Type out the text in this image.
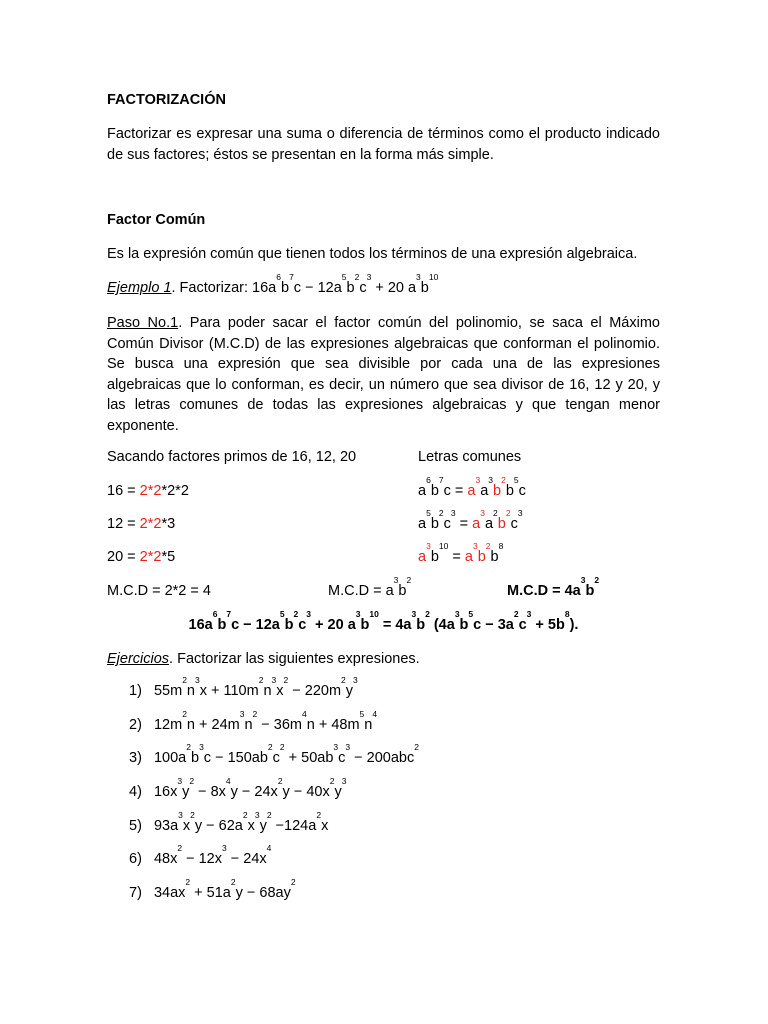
FACTORIZACIÓN
Factorizar es expresar una suma o diferencia de términos como el producto indicado de sus factores; éstos se presentan en la forma más simple.
Factor Común
Es la expresión común que tienen todos los términos de una expresión algebraica.
Ejemplo 1. Factorizar: $16a^6b^7c - 12a^5b^2c^3 + 20$ $a^3b^{10}$
Paso No.1. Para poder sacar el factor común del polinomio, se saca el Máximo Común Divisor (M.C.D) de las expresiones algebraicas que conforman el polinomio. Se busca una expresión que sea divisible por cada una de las expresiones algebraicas que lo conforman, es decir, un número que sea divisor de 16, 12 y 20, y las letras comunes de todas las expresiones algebraicas y que tengan menor exponente.
Sacando factores primos de 16, 12, 20	Letras comunes
16 = 2*2*2*2	$a^6b^7c = a^3a^3b^2b^5c$
12 = 2*2*3	$a^5b^2c^3 = a^3a^2b^2c^3$
20 = 2*2*5	$a^3b^{10} = a^3b^2b^8$
M.C.D = 2*2 = 4	$M.C.D = a^3b^2$
$M.C.D = 4a^3b^2$
$16a^6b^7c - 12a^5b^2c^3 + 20$ $a^3b^{10} = 4a^3b^2$ $(4a^3b^5c - 3a^2c^3 + 5b^8)$.
Ejercicios. Factorizar las siguientes expresiones.
1)   $55m^2n^3x + 110m^2n^3x^2 - 220m^2y^3$
2)   $12m^2n + 24m^3n^2 - 36m^4n + 48m^5n^4$
3)   $100a^2b^3c - 150ab^2c^2 + 50ab^3c^3 - 200abc^2$
4)   $16x^3y^2 - 8x^4y - 24x^2y - 40x^2y^3$
5)   $93a^3x^2y - 62a^2x^3y^2 -124a^2x$
6)   $48x^2 - 12x^3 - 24x^4$
7)   $34ax^2 + 51a^2y - 68ay^2$
